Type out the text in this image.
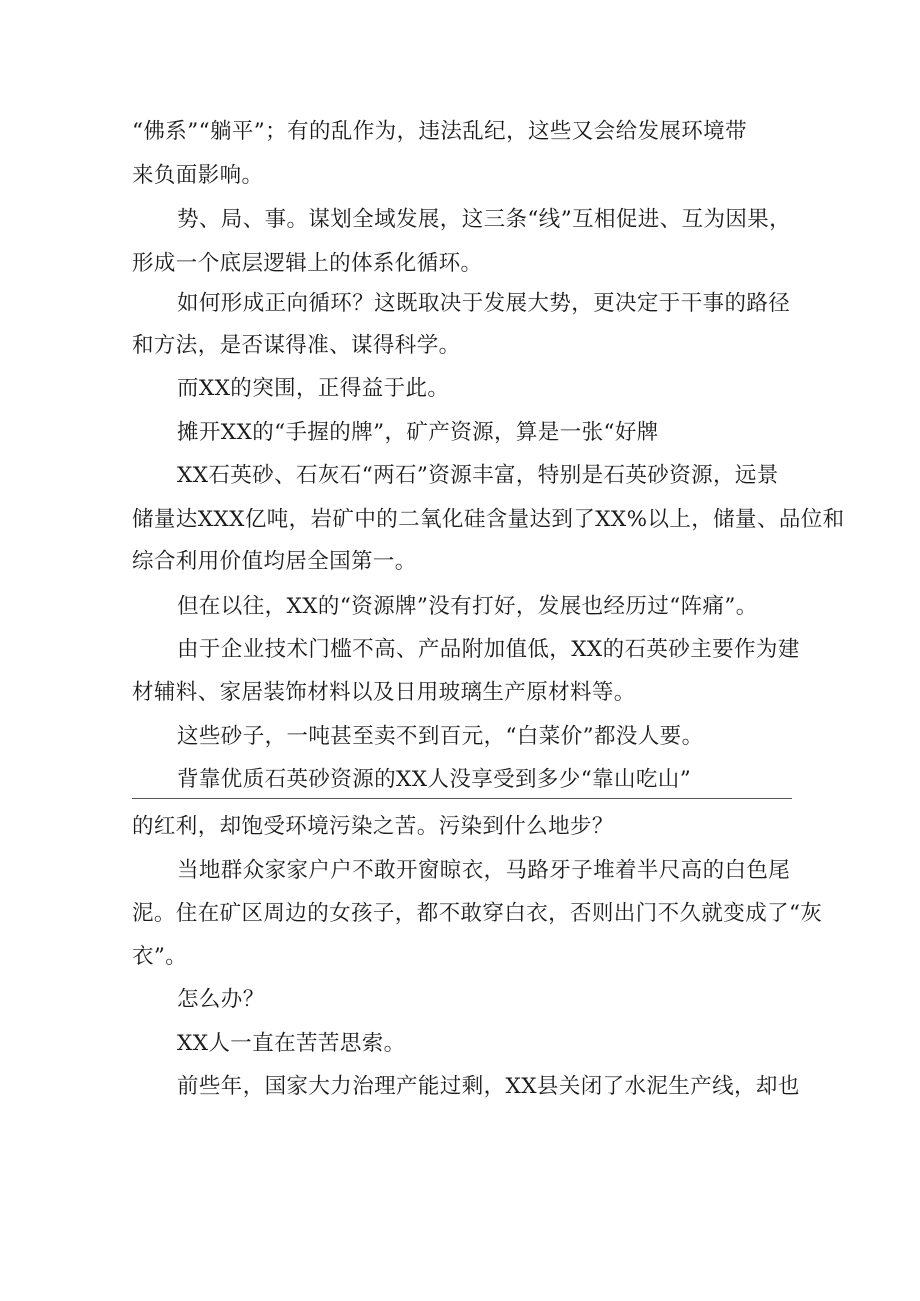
“佛系”“躺平”；有的乱作为，违法乱纪，这些又会给发展环境带

来负面影响。

势、局、事。谋划全域发展，这三条“线”互相促进、互为因果，

形成一个底层逻辑上的体系化循环。

如何形成正向循环？这既取决于发展大势，更决定于干事的路径

和方法，是否谋得准、谋得科学。

而XX的突围，正得益于此。

摊开XX的“手握的牌”，矿产资源，算是一张“好牌

XX石英砂、石灰石“两石”资源丰富，特别是石英砂资源，远景

储量达XXX亿吨，岩矿中的二氧化硅含量达到了XX%以上，储量、品位和

综合利用价值均居全国第一。

但在以往，XX的“资源牌”没有打好，发展也经历过“阵痛”。

由于企业技术门槛不高、产品附加值低，XX的石英砂主要作为建

材辅料、家居装饰材料以及日用玻璃生产原材料等。

这些砂子，一吨甚至卖不到百元，“白菜价”都没人要。

背靠优质石英砂资源的XX人没享受到多少“靠山吃山”

的红利，却饱受环境污染之苦。污染到什么地步？

当地群众家家户户不敢开窗晾衣，马路牙子堆着半尺高的白色尾

泥。住在矿区周边的女孩子，都不敢穿白衣，否则出门不久就变成了“灰

衣”。

怎么办？

XX人一直在苦苦思索。

前些年，国家大力治理产能过剩，XX县关闭了水泥生产线，却也
